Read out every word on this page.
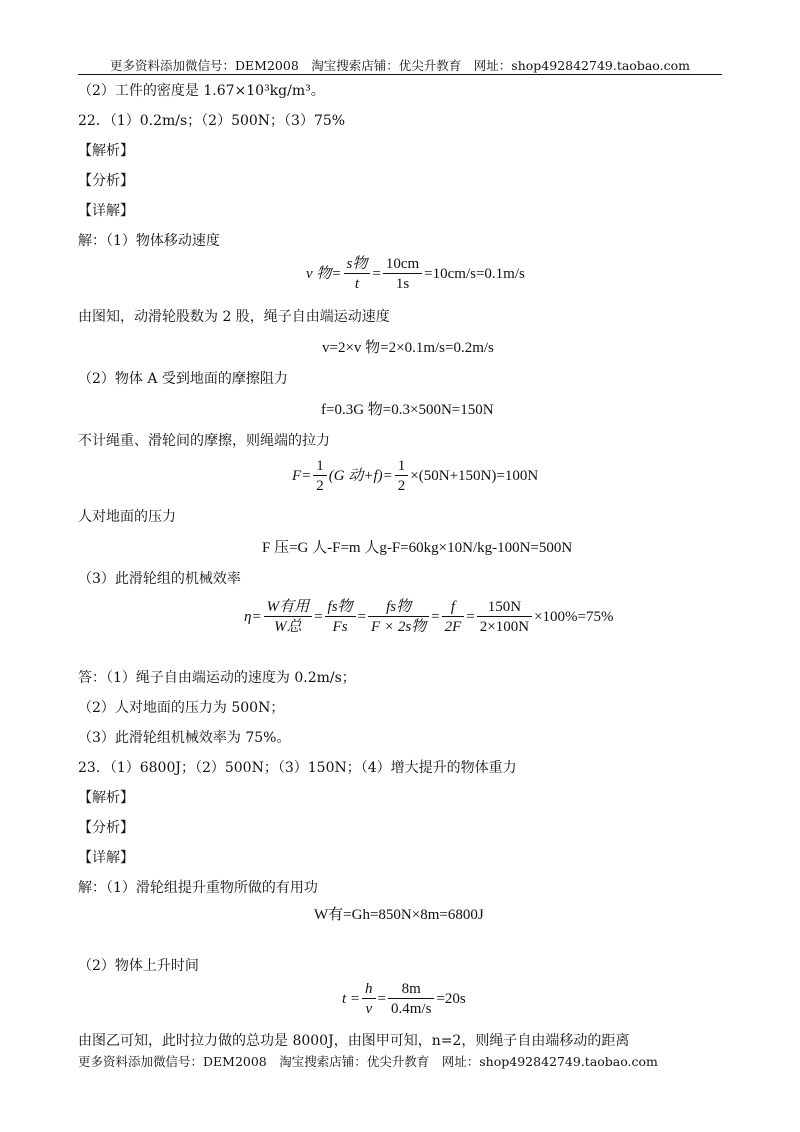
更多资料添加微信号：DEM2008　淘宝搜索店铺：优尖升教育　网址：shop492842749.taobao.com
（2）工件的密度是 1.67×10³kg/m³。
22．（1）0.2m/s；（2）500N；（3）75%
【解析】
【分析】
【详解】
解：（1）物体移动速度
v 物= $\frac{\text{s物}}{t} = \frac{10cm}{1s} =10cm/s=0.1m/s$
由图知，动滑轮股数为 2 股，绳子自由端运动速度
v=2×v 物=2×0.1m/s=0.2m/s
（2）物体 A 受到地面的摩擦阻力
f=0.3G 物=0.3×500N=150N
不计绳重、滑轮间的摩擦，则绳端的拉力
$F= \frac{1}{2} (G$ 动$+f)= \frac{1}{2} \times(50N+150N)=100N$
人对地面的压力
F 压=G 人-F=m 人g-F=60kg×10N/kg-100N=500N
（3）此滑轮组的机械效率
$\eta= \frac{\text{W有用}}{\text{W总}} = \frac{\text{fs物}}{Fs} = \frac{\text{fs物}}{\text{F × 2s物}} = \frac{f}{2F} = \frac{150N}{2\times 100N} \times 100\%=75\%$
答：（1）绳子自由端运动的速度为 0.2m/s；
（2）人对地面的压力为 500N；
（3）此滑轮组机械效率为 75%。
23．（1）6800J；（2）500N；（3）150N；（4）增大提升的物体重力
【解析】
【分析】
【详解】
解：（1）滑轮组提升重物所做的有用功
W有=Gh=850N×8m=6800J
（2）物体上升时间
$t = \frac{h}{v} = \frac{8m}{0.4m/s} =20s$
由图乙可知，此时拉力做的总功是 8000J，由图甲可知，n=2，则绳子自由端移动的距离
更多资料添加微信号：DEM2008　淘宝搜索店铺：优尖升教育　网址：shop492842749.taobao.com
